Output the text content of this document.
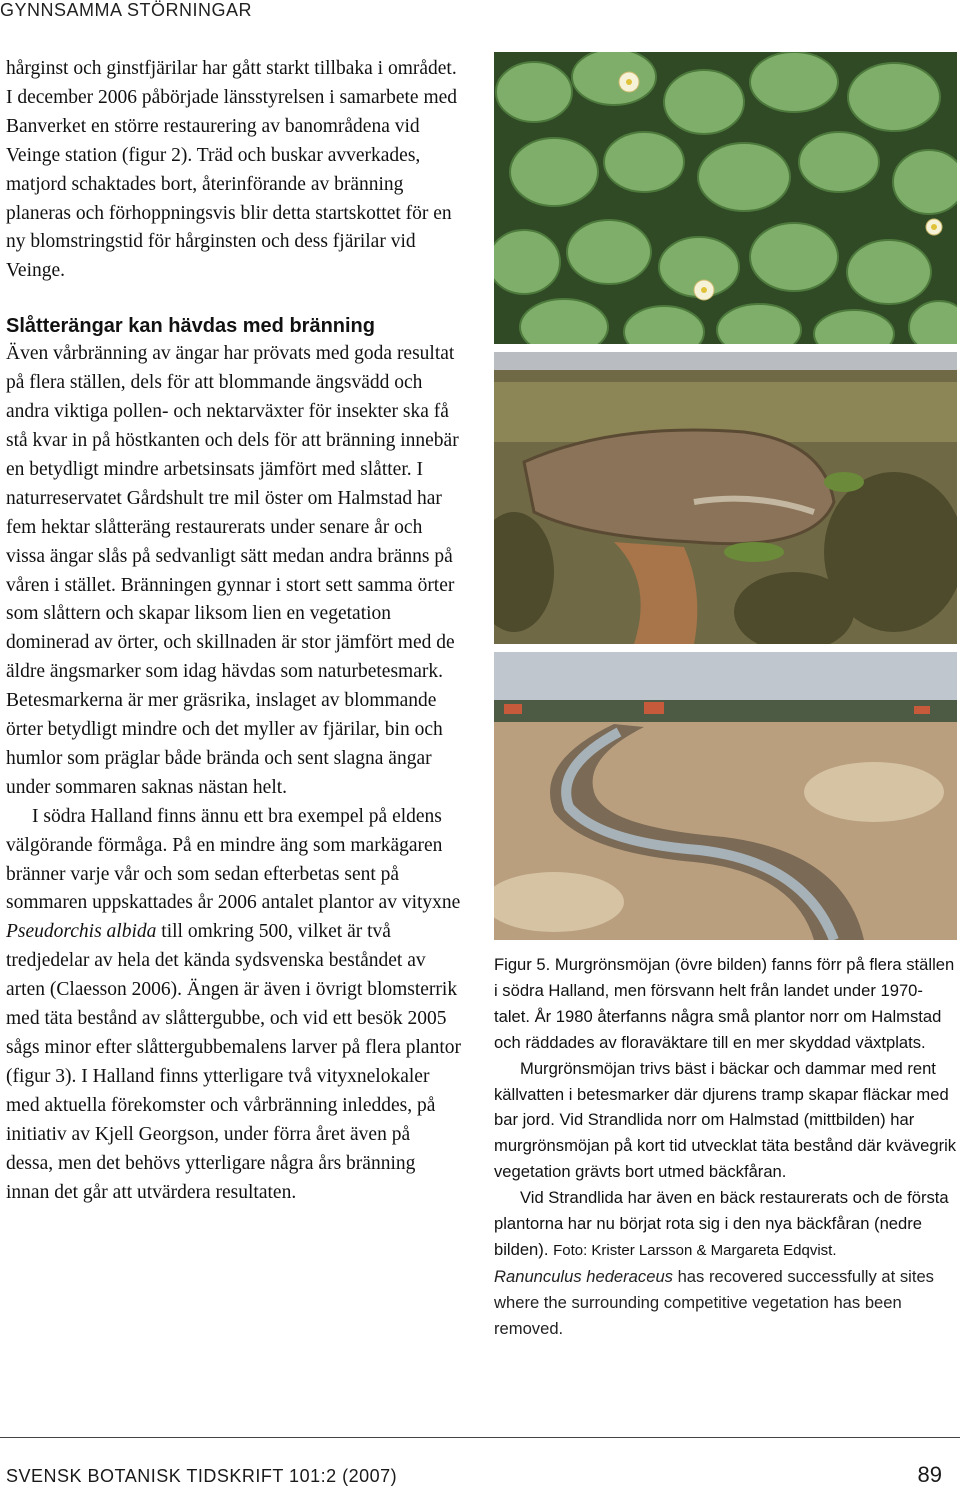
GYNNSAMMA STÖRNINGAR

hårginst och ginstfjärilar har gått starkt tillbaka i området. I december 2006 påbörjade länsstyrelsen i samarbete med Banverket en större restaurering av banområdena vid Veinge station (figur 2). Träd och buskar avverkades, matjord schaktades bort, återinförande av bränning planeras och förhoppningsvis blir detta startskottet för en ny blomstringstid för hårginsten och dess fjärilar vid Veinge.

Slåtterängar kan hävdas med bränning

Även vårbränning av ängar har prövats med goda resultat på flera ställen, dels för att blommande ängsvädd och andra viktiga pollen- och nektarväxter för insekter ska få stå kvar in på höstkanten och dels för att bränning innebär en betydligt mindre arbetsinsats jämfört med slåtter. I naturreservatet Gårdshult tre mil öster om Halmstad har fem hektar slåtteräng restaurerats under senare år och vissa ängar slås på sedvanligt sätt medan andra bränns på våren i stället. Bränningen gynnar i stort sett samma örter som slåttern och skapar liksom lien en vegetation dominerad av örter, och skillnaden är stor jämfört med de äldre ängsmarker som idag hävdas som naturbetesmark. Betesmarkerna är mer gräsrika, inslaget av blommande örter betydligt mindre och det myller av fjärilar, bin och humlor som präglar både brända och sent slagna ängar under sommaren saknas nästan helt.

I södra Halland finns ännu ett bra exempel på eldens välgörande förmåga. På en mindre äng som markägaren bränner varje vår och som sedan efterbetas sent på sommaren uppskattades år 2006 antalet plantor av vityxne Pseudorchis albida till omkring 500, vilket är två tredjedelar av hela det kända sydsvenska beståndet av arten (Claesson 2006). Ängen är även i övrigt blomsterrik med täta bestånd av slåttergubbe, och vid ett besök 2005 sågs minor efter slåttergubbemalens larver på flera plantor (figur 3). I Halland finns ytterligare två vityxnelokaler med aktuella förekomster och vårbränning inleddes, på initiativ av Kjell Georgson, under förra året även på dessa, men det behövs ytterligare några års bränning innan det går att utvärdera resultaten.

Figur 5. Murgrönsmöjan (övre bilden) fanns förr på flera ställen i södra Halland, men försvann helt från landet under 1970-talet. År 1980 återfanns några små plantor norr om Halmstad och räddades av floraväktare till en mer skyddad växtplats.

Murgrönsmöjan trivs bäst i bäckar och dammar med rent källvatten i betesmarker där djurens tramp skapar fläckar med bar jord. Vid Strandlida norr om Halmstad (mittbilden) har murgrönsmöjan på kort tid utvecklat täta bestånd där kvävegrik vegetation grävts bort utmed bäckfåran.

Vid Strandlida har även en bäck restaurerats och de första plantorna har nu börjat rota sig i den nya bäckfåran (nedre bilden). Foto: Krister Larsson & Margareta Edqvist.

Ranunculus hederaceus has recovered successfully at sites where the surrounding competitive vegetation has been removed.

SVENSK BOTANISK TIDSKRIFT 101:2 (2007)	89
